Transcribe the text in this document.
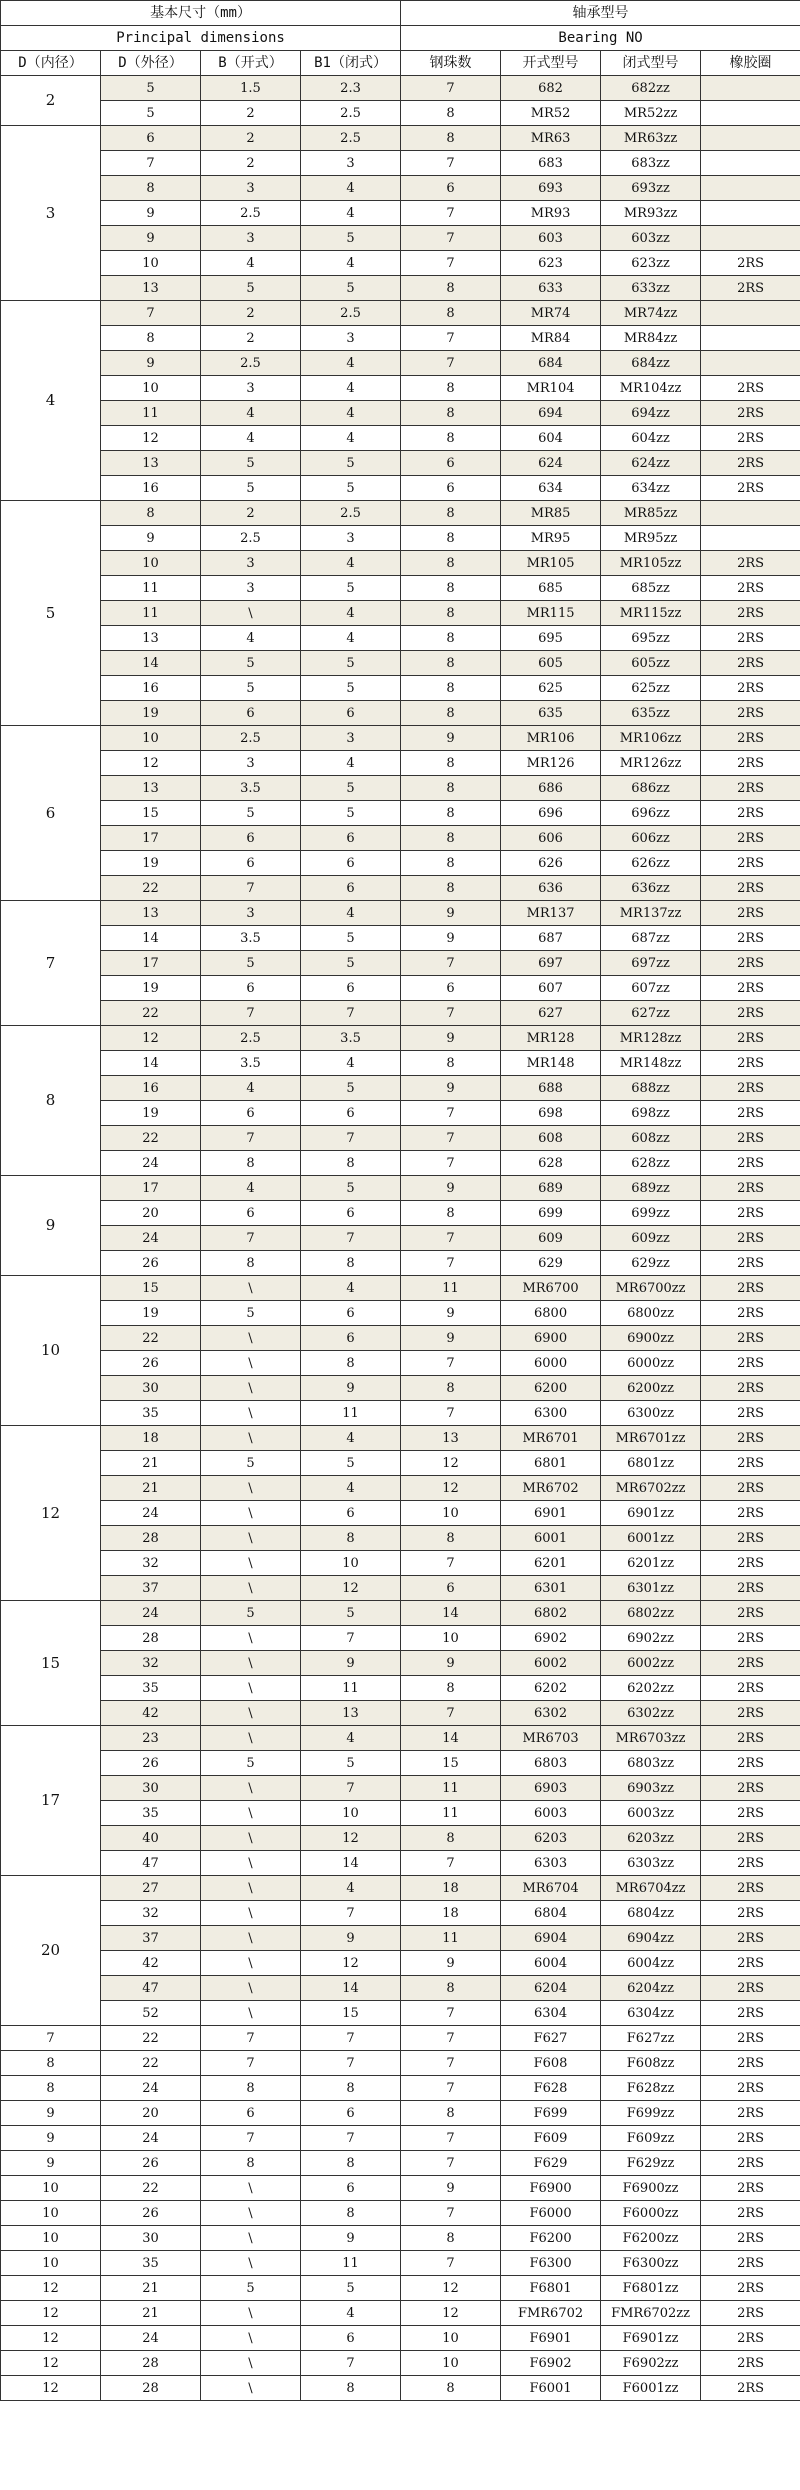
基本尺寸（mm）				轴承型号			
Principal dimensions				Bearing NO			
D（内径）	D（外径）	B（开式）	B1（闭式）	钢珠数	开式型号	闭式型号	橡胶圈
2	5	1.5	2.3	7	682	682zz	
	5	2	2.5	8	MR52	MR52zz	
3	6	2	2.5	8	MR63	MR63zz	
	7	2	3	7	683	683zz	
	8	3	4	6	693	693zz	
	9	2.5	4	7	MR93	MR93zz	
	9	3	5	7	603	603zz	
	10	4	4	7	623	623zz	2RS
	13	5	5	8	633	633zz	2RS
4	7	2	2.5	8	MR74	MR74zz	
	8	2	3	7	MR84	MR84zz	
	9	2.5	4	7	684	684zz	
	10	3	4	8	MR104	MR104zz	2RS
	11	4	4	8	694	694zz	2RS
	12	4	4	8	604	604zz	2RS
	13	5	5	6	624	624zz	2RS
	16	5	5	6	634	634zz	2RS
5	8	2	2.5	8	MR85	MR85zz	
	9	2.5	3	8	MR95	MR95zz	
	10	3	4	8	MR105	MR105zz	2RS
	11	3	5	8	685	685zz	2RS
	11	\	4	8	MR115	MR115zz	2RS
	13	4	4	8	695	695zz	2RS
	14	5	5	8	605	605zz	2RS
	16	5	5	8	625	625zz	2RS
	19	6	6	8	635	635zz	2RS
6	10	2.5	3	9	MR106	MR106zz	2RS
	12	3	4	8	MR126	MR126zz	2RS
	13	3.5	5	8	686	686zz	2RS
	15	5	5	8	696	696zz	2RS
	17	6	6	8	606	606zz	2RS
	19	6	6	8	626	626zz	2RS
	22	7	6	8	636	636zz	2RS
7	13	3	4	9	MR137	MR137zz	2RS
	14	3.5	5	9	687	687zz	2RS
	17	5	5	7	697	697zz	2RS
	19	6	6	6	607	607zz	2RS
	22	7	7	7	627	627zz	2RS
8	12	2.5	3.5	9	MR128	MR128zz	2RS
	14	3.5	4	8	MR148	MR148zz	2RS
	16	4	5	9	688	688zz	2RS
	19	6	6	7	698	698zz	2RS
	22	7	7	7	608	608zz	2RS
	24	8	8	7	628	628zz	2RS
9	17	4	5	9	689	689zz	2RS
	20	6	6	8	699	699zz	2RS
	24	7	7	7	609	609zz	2RS
	26	8	8	7	629	629zz	2RS
10	15	\	4	11	MR6700	MR6700zz	2RS
	19	5	6	9	6800	6800zz	2RS
	22	\	6	9	6900	6900zz	2RS
	26	\	8	7	6000	6000zz	2RS
	30	\	9	8	6200	6200zz	2RS
	35	\	11	7	6300	6300zz	2RS
12	18	\	4	13	MR6701	MR6701zz	2RS
	21	5	5	12	6801	6801zz	2RS
	21	\	4	12	MR6702	MR6702zz	2RS
	24	\	6	10	6901	6901zz	2RS
	28	\	8	8	6001	6001zz	2RS
	32	\	10	7	6201	6201zz	2RS
	37	\	12	6	6301	6301zz	2RS
15	24	5	5	14	6802	6802zz	2RS
	28	\	7	10	6902	6902zz	2RS
	32	\	9	9	6002	6002zz	2RS
	35	\	11	8	6202	6202zz	2RS
	42	\	13	7	6302	6302zz	2RS
17	23	\	4	14	MR6703	MR6703zz	2RS
	26	5	5	15	6803	6803zz	2RS
	30	\	7	11	6903	6903zz	2RS
	35	\	10	11	6003	6003zz	2RS
	40	\	12	8	6203	6203zz	2RS
	47	\	14	7	6303	6303zz	2RS
20	27	\	4	18	MR6704	MR6704zz	2RS
	32	\	7	18	6804	6804zz	2RS
	37	\	9	11	6904	6904zz	2RS
	42	\	12	9	6004	6004zz	2RS
	47	\	14	8	6204	6204zz	2RS
	52	\	15	7	6304	6304zz	2RS
7	22	7	7	7	F627	F627zz	2RS
8	22	7	7	7	F608	F608zz	2RS
8	24	8	8	7	F628	F628zz	2RS
9	20	6	6	8	F699	F699zz	2RS
9	24	7	7	7	F609	F609zz	2RS
9	26	8	8	7	F629	F629zz	2RS
10	22	\	6	9	F6900	F6900zz	2RS
10	26	\	8	7	F6000	F6000zz	2RS
10	30	\	9	8	F6200	F6200zz	2RS
10	35	\	11	7	F6300	F6300zz	2RS
12	21	5	5	12	F6801	F6801zz	2RS
12	21	\	4	12	FMR6702	FMR6702zz	2RS
12	24	\	6	10	F6901	F6901zz	2RS
12	28	\	7	10	F6902	F6902zz	2RS
12	28	\	8	8	F6001	F6001zz	2RS
